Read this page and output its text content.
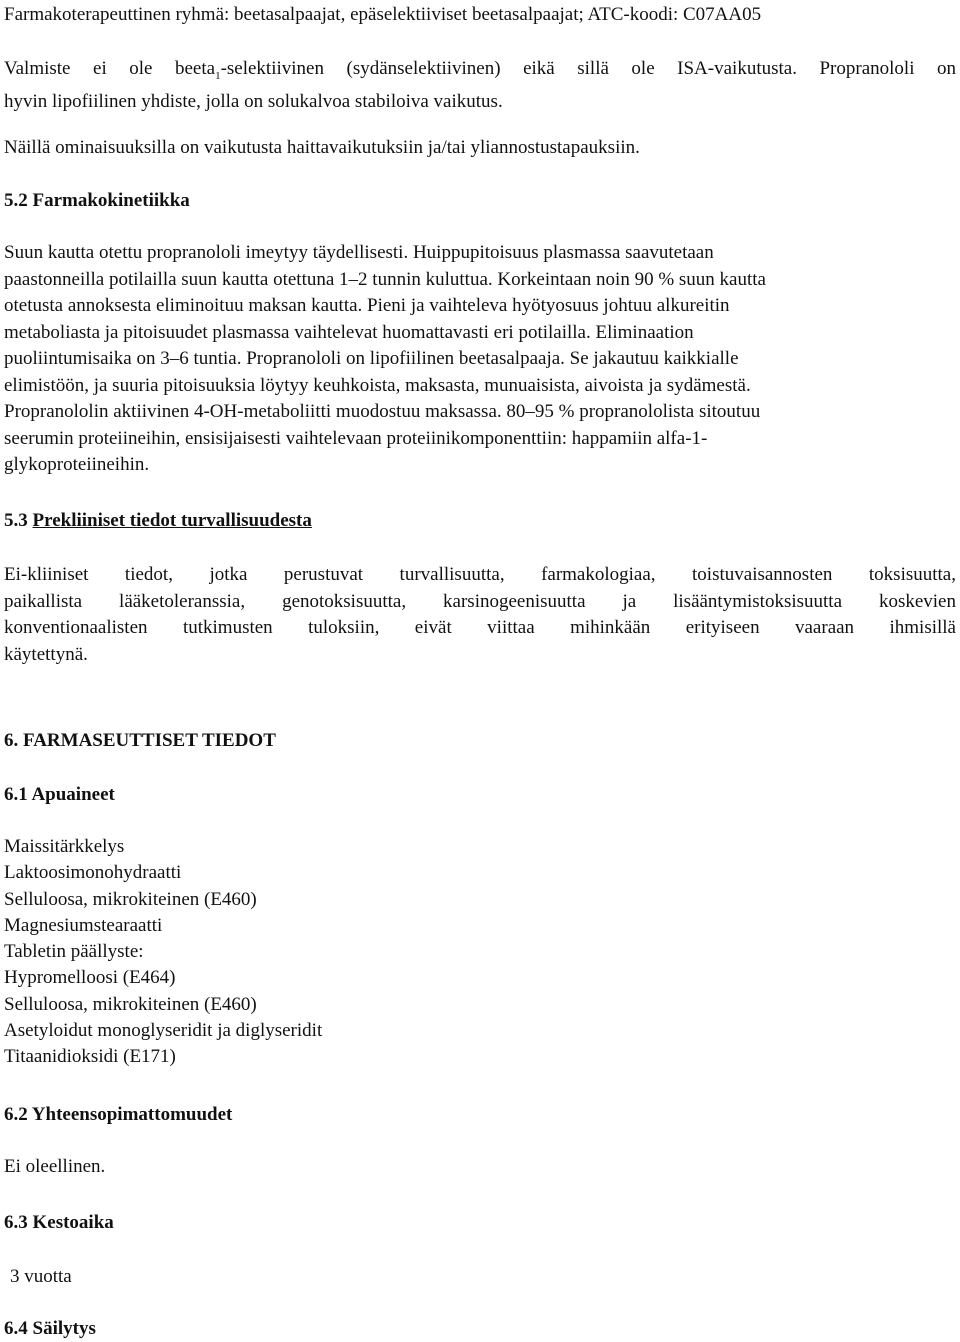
Farmakoterapeuttinen ryhmä: beetasalpaajat, epäselektiiviset beetasalpaajat; ATC-koodi: C07AA05
Valmiste ei ole beeta$_1$-selektiivinen (sydänselektiivinen) eikä sillä ole ISA-vaikutusta. Propranololi on
hyvin lipofiilinen yhdiste, jolla on solukalvoa stabiloiva vaikutus.
Näillä ominaisuuksilla on vaikutusta haittavaikutuksiin ja/tai yliannostustapauksiin.
5.2 Farmakokinetiikka
Suun kautta otettu propranololi imeytyy täydellisesti. Huippupitoisuus plasmassa saavutetaan
paastonneilla potilailla suun kautta otettuna 1–2 tunnin kuluttua. Korkeintaan noin 90 % suun kautta
otetusta annoksesta eliminoituu maksan kautta. Pieni ja vaihteleva hyötyosuus johtuu alkureitin
metaboliasta ja pitoisuudet plasmassa vaihtelevat huomattavasti eri potilailla. Eliminaation
puoliintumisaika on 3–6 tuntia. Propranololi on lipofiilinen beetasalpaaja. Se jakautuu kaikkialle
elimistöön, ja suuria pitoisuuksia löytyy keuhkoista, maksasta, munuaisista, aivoista ja sydämestä.
Propranololin aktiivinen 4-OH-metaboliitti muodostuu maksassa. 80–95 % propranololista sitoutuu
seerumin proteiineihin, ensisijaisesti vaihtelevaan proteiinikomponenttiin: happamiin alfa-1-
glykoproteiineihin.
5.3 Prekliiniset tiedot turvallisuudesta
Ei-kliiniset tiedot, jotka perustuvat turvallisuutta, farmakologiaa, toistuvaisannosten toksisuutta,
paikallista lääketoleranssia, genotoksisuutta, karsinogeenisuutta ja lisääntymistoksisuutta koskevien
konventionaalisten tutkimusten tuloksiin, eivät viittaa mihinkään erityiseen vaaraan ihmisillä
käytettynä.
6. FARMASEUTTISET TIEDOT
6.1 Apuaineet
Maissitärkkelys
Laktoosimonohydraatti
Selluloosa, mikrokiteinen (E460)
Magnesiumstearaatti
Tabletin päällyste:
Hypromelloosi (E464)
Selluloosa, mikrokiteinen (E460)
Asetyloidut monoglyseridit ja diglyseridit
Titaanidioksidi (E171)
6.2 Yhteensopimattomuudet
Ei oleellinen.
6.3 Kestoaika
3 vuotta
6.4 Säilytys
